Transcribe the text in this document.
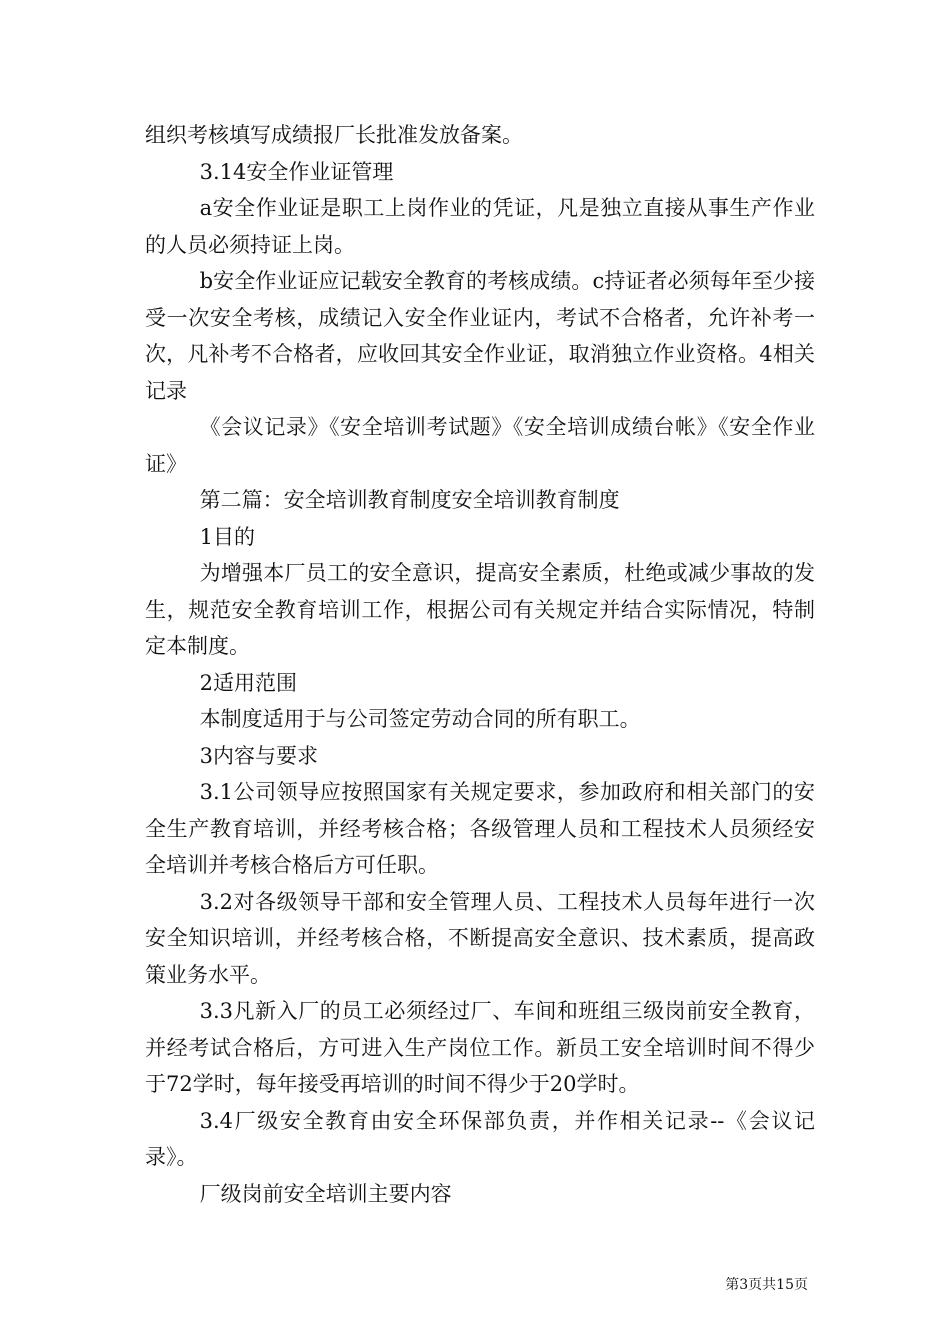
组织考核填写成绩报厂长批准发放备案。

3.14安全作业证管理

a安全作业证是职工上岗作业的凭证，凡是独立直接从事生产作业的人员必须持证上岗。

b安全作业证应记载安全教育的考核成绩。c持证者必须每年至少接受一次安全考核，成绩记入安全作业证内，考试不合格者，允许补考一次，凡补考不合格者，应收回其安全作业证，取消独立作业资格。4相关记录

《会议记录》《安全培训考试题》《安全培训成绩台帐》《安全作业证》

第二篇：安全培训教育制度安全培训教育制度

1目的

为增强本厂员工的安全意识，提高安全素质，杜绝或减少事故的发生，规范安全教育培训工作，根据公司有关规定并结合实际情况，特制定本制度。

2适用范围

本制度适用于与公司签定劳动合同的所有职工。

3内容与要求

3.1公司领导应按照国家有关规定要求，参加政府和相关部门的安全生产教育培训，并经考核合格；各级管理人员和工程技术人员须经安全培训并考核合格后方可任职。

3.2对各级领导干部和安全管理人员、工程技术人员每年进行一次安全知识培训，并经考核合格，不断提高安全意识、技术素质，提高政策业务水平。

3.3凡新入厂的员工必须经过厂、车间和班组三级岗前安全教育，并经考试合格后，方可进入生产岗位工作。新员工安全培训时间不得少于72学时，每年接受再培训的时间不得少于20学时。

3.4厂级安全教育由安全环保部负责，并作相关记录--《会议记录》。

厂级岗前安全培训主要内容

第3页共15页
